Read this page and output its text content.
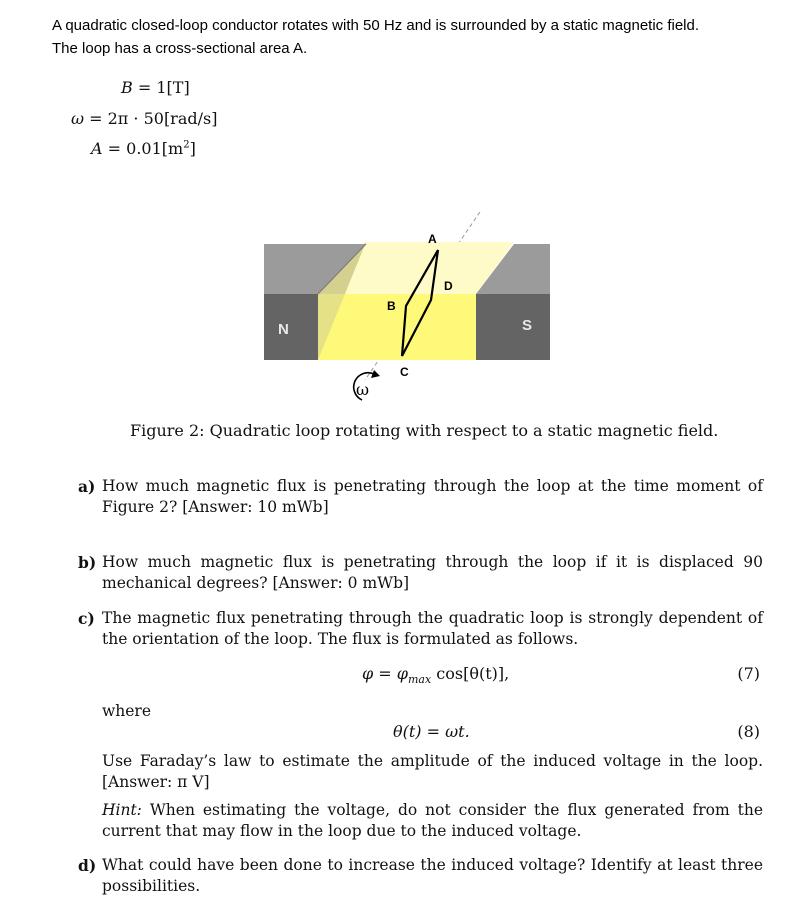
A quadratic closed-loop conductor rotates with 50 Hz and is surrounded by a static magnetic field.
The loop has a cross-sectional area A.
B = 1[T]
ω = 2π · 50[rad/s]
$A = 0.01[m^2]$
A
D
B
C
N	S
ω
Figure 2: Quadratic loop rotating with respect to a static magnetic field.
a) How much magnetic flux is penetrating through the loop at the time moment of Figure 2? [Answer: 10 mWb]
b) How much magnetic flux is penetrating through the loop if it is displaced 90 mechanical degrees? [Answer: 0 mWb]
c) The magnetic flux penetrating through the quadratic loop is strongly dependent of the orientation of the loop. The flux is formulated as follows.
$\varphi = \varphi_{max}$ cos[θ(t)],	(7)
where
θ(t) = ωt.	(8)
Use Faraday’s law to estimate the amplitude of the induced voltage in the loop.[Answer: π V]
Hint: When estimating the voltage, do not consider the flux generated from the current that may flow in the loop due to the induced voltage.
d) What could have been done to increase the induced voltage? Identify at least three possibilities.
